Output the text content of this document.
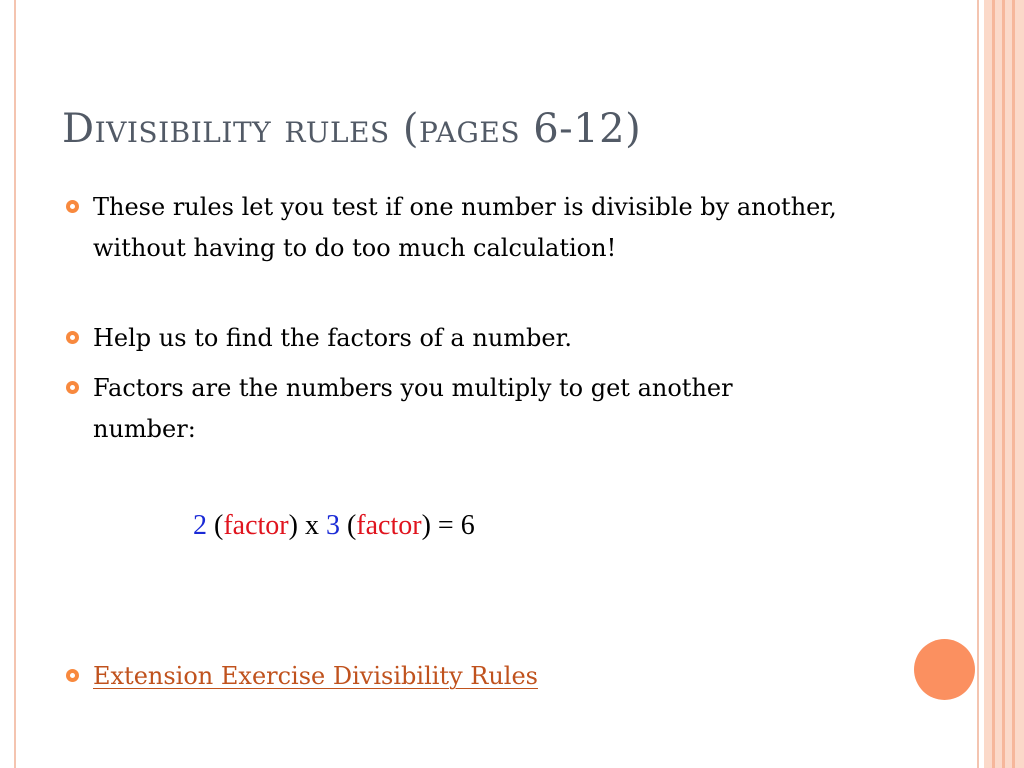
Divisibility rules (pages 6-12)
These rules let you test if one number is divisible by another, without having to do too much calculation!
Help us to find the factors of a number.
Factors are the numbers you multiply to get another number:
2 (factor) x 3 (factor) = 6
Extension Exercise Divisibility Rules
